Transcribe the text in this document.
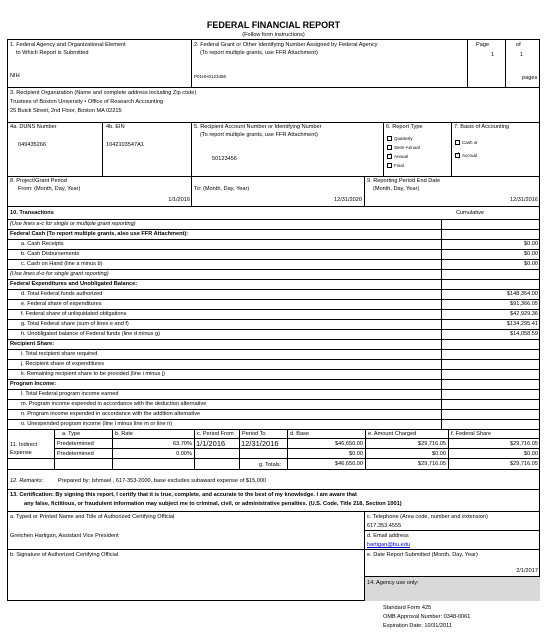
FEDERAL FINANCIAL REPORT
(Follow form instructions)
1. Federal Agency and Organizational Element
to Which Report is Submitted
NIH
2. Federal Grant or Other Identifying Number Assigned by Federal Agency
(To report multiple grants, use FFR Attachment)
P01HH0123456
Page
1
of
1
pages
3. Recipient Organization (Name and complete address including Zip code)
Trustees of Boston University • Office of Research Accounting
25 Buick Street, 2nd Floor, Boston MA 02215
4a. DUNS Number
049435266
4b. EIN
1042103547A1
5. Recipient Account Number or Identifying Number
(To report multiple grants, use FFR Attachment)
50123456
6. Report Type
Quarterly
Semi-Annual
✓Annual
Final
7. Basis of Accounting
Cash or
✓Accrual
8. Project/Grant Period
From: (Month, Day, Year)
1/1/2016
To: (Month, Day, Year)
12/31/2020
9. Reporting Period End Date
(Month, Day, Year)
12/31/2016
10. Transactions	Cumulative
(Use lines a-c for single or multiple grant reporting)
Federal Cash (To report multiple grants, also use FFR Attachment):
a. Cash Receipts	$0.00
b. Cash Disbursements	$0.00
c. Cash on Hand (line a minus b)	$0.00
(Use lines d-o for single grant reporting)
Federal Expenditures and Unobligated Balance:
d. Total Federal funds authorized	$148,354.00
e. Federal share of expenditures	$91,366.05
f. Federal share of unliquidated obligations	$42,929.36
g. Total Federal share (sum of lines e and f)	$134,295.41
h. Unobligated balance of Federal funds (line d minus g)	$14,058.59
Recipient Share:
i. Total recipient share required
j. Recipient share of expenditures
k. Remaining recipient share to be provided (line i minus j)
Program Income:
l. Total Federal program income earned
m. Program income expended in accordance with the deduction alternative
n. Program income expended in accordance with the addition alternative
o. Unexpended program income (line l minus line m or line n)
11. Indirect
Expense
a. Type	b. Rate	c. Period From Period To	d. Base	e. Amount Charged	f. Federal Share
Predetermined	63.70% 1/1/2016 12/31/2016	$46,650.00	$29,716.05	$29,716.05
Predetermined	0.00%	$0.00	$0.00	$0.00
g. Totals:	$46,650.00	$29,716.05	$29,716.05
12. Remarks:	Prepared by: Ishmael , 617-353-2000, base excludes subaward expense of $15,000
13. Certification: By signing this report, I certify that it is true, complete, and accurate to the best of my knowledge. I am aware that
any false, fictitious, or fraudulent information may subject me to criminal, civil, or administrative penalties. (U.S. Code, Title 218, Section 1001)
a. Typed or Printed Name and Title of Authorized Certifying Official
Gretchen Hartigan, Assistant Vice President
c. Telephone (Area code, number and extension)
617.353.4555
d. Email address
hartigan@bu.edu
b. Signature of Authorized Certifying Official	e. Date Report Submitted (Month, Day, Year)
2/1/2017
14. Agency use only:
Standard Form 425
OMB Approval Number: 0348-0061
Expiration Date: 10/31/2011
